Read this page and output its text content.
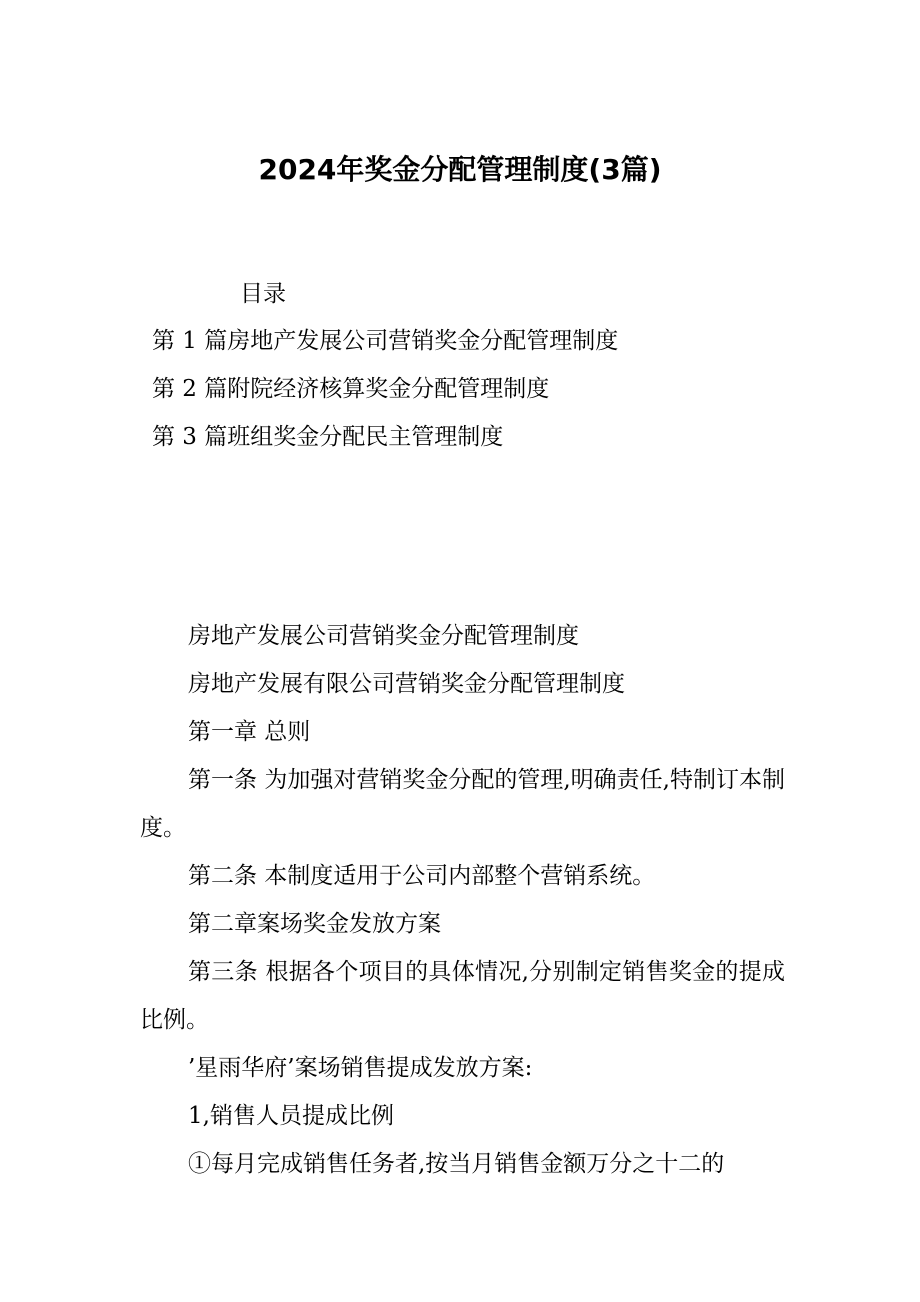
2024年奖金分配管理制度(3篇)
目录
第 1 篇房地产发展公司营销奖金分配管理制度
第 2 篇附院经济核算奖金分配管理制度
第 3 篇班组奖金分配民主管理制度

房地产发展公司营销奖金分配管理制度

房地产发展有限公司营销奖金分配管理制度

第一章 总则

第一条 为加强对营销奖金分配的管理,明确责任,特制订本制度。

第二条 本制度适用于公司内部整个营销系统。

第二章案场奖金发放方案

第三条 根据各个项目的具体情况,分别制定销售奖金的提成比例。

’星雨华府’案场销售提成发放方案:

1,销售人员提成比例

①每月完成销售任务者,按当月销售金额万分之十二的
